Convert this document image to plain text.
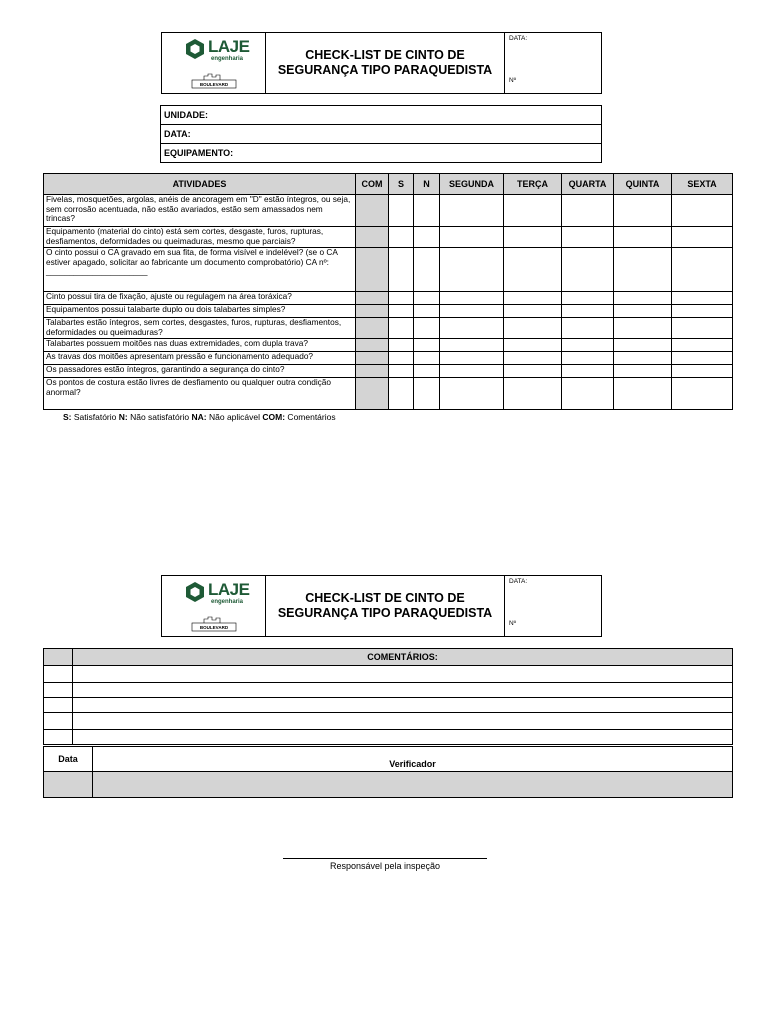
LAJE
engenharia
BOULEVARD
CHECK-LIST DE CINTO DE
SEGURANÇA TIPO PARAQUEDISTA
DATA:
Nº
UNIDADE:
DATA:
EQUIPAMENTO:
ATIVIDADES	COM	S	N	SEGUNDA	TERÇA	QUARTA	QUINTA	SEXTA
Fivelas, mosquetões, argolas, anéis de ancoragem em "D" estão íntegros, ou seja, sem corrosão acentuada, não estão avariados, estão sem amassados nem trincas?								
Equipamento (material do cinto) está sem cortes, desgaste, furos, rupturas, desfiamentos, deformidades ou queimaduras, mesmo que parciais?								
O cinto possui o CA gravado em sua fita, de forma visível e indelével? (se o CA estiver apagado, solicitar ao fabricante um documento comprobatório) CA nº: ______________________								
Cinto possui tira de fixação, ajuste ou regulagem na área toráxica?								
Equipamentos possui talabarte duplo ou dois talabartes simples?								
Talabartes estão íntegros, sem cortes, desgastes, furos, rupturas, desfiamentos, deformidades ou queimaduras?								
Talabartes possuem moitões nas duas extremidades, com dupla trava?								
As travas dos moitões apresentam pressão e funcionamento adequado?								
Os passadores estão íntegros, garantindo a segurança do cinto?								
Os pontos de costura estão livres de desfiamento ou qualquer outra condição anormal?								
S: Satisfatório N: Não satisfatório NA: Não aplicável COM: Comentários
LAJE
engenharia
BOULEVARD
CHECK-LIST DE CINTO DE
SEGURANÇA TIPO PARAQUEDISTA
DATA:
Nº
	COMENTÁRIOS:

Data	Verificador

Responsável pela inspeção
